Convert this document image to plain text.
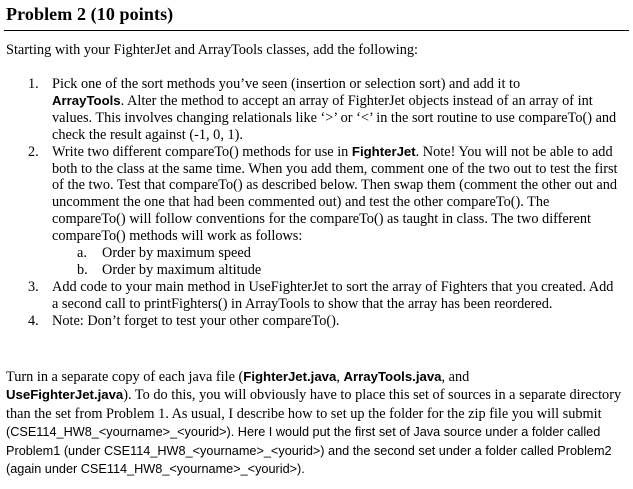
Problem 2 (10 points)
Starting with your FighterJet and ArrayTools classes, add the following:
1. Pick one of the sort methods you’ve seen (insertion or selection sort) and add it to
ArrayTools. Alter the method to accept an array of FighterJet objects instead of an array of int values. This involves changing relationals like ‘>’ or ‘<’ in the sort routine to use compareTo() and check the result against (-1, 0, 1).
2. Write two different compareTo() methods for use in FighterJet. Note! You will not be able to add both to the class at the same time. When you add them, comment one of the two out to test the first of the two. Test that compareTo() as described below. Then swap them (comment the other out and uncomment the one that had been commented out) and test the other compareTo(). The compareTo() will follow conventions for the compareTo() as taught in class. The two different compareTo() methods will work as follows:
a. Order by maximum speed
b. Order by maximum altitude
3. Add code to your main method in UseFighterJet to sort the array of Fighters that you created. Add a second call to printFighters() in ArrayTools to show that the array has been reordered.
4. Note: Don’t forget to test your other compareTo().
Turn in a separate copy of each java file (FighterJet.java, ArrayTools.java, and
UseFighterJet.java). To do this, you will obviously have to place this set of sources in a separate directory than the set from Problem 1. As usual, I describe how to set up the folder for the zip file you will submit (CSE114_HW8_<yourname>_<yourid>). Here I would put the first set of Java source under a folder called Problem1 (under CSE114_HW8_<yourname>_<yourid>) and the second set under a folder called Problem2 (again under CSE114_HW8_<yourname>_<yourid>).
